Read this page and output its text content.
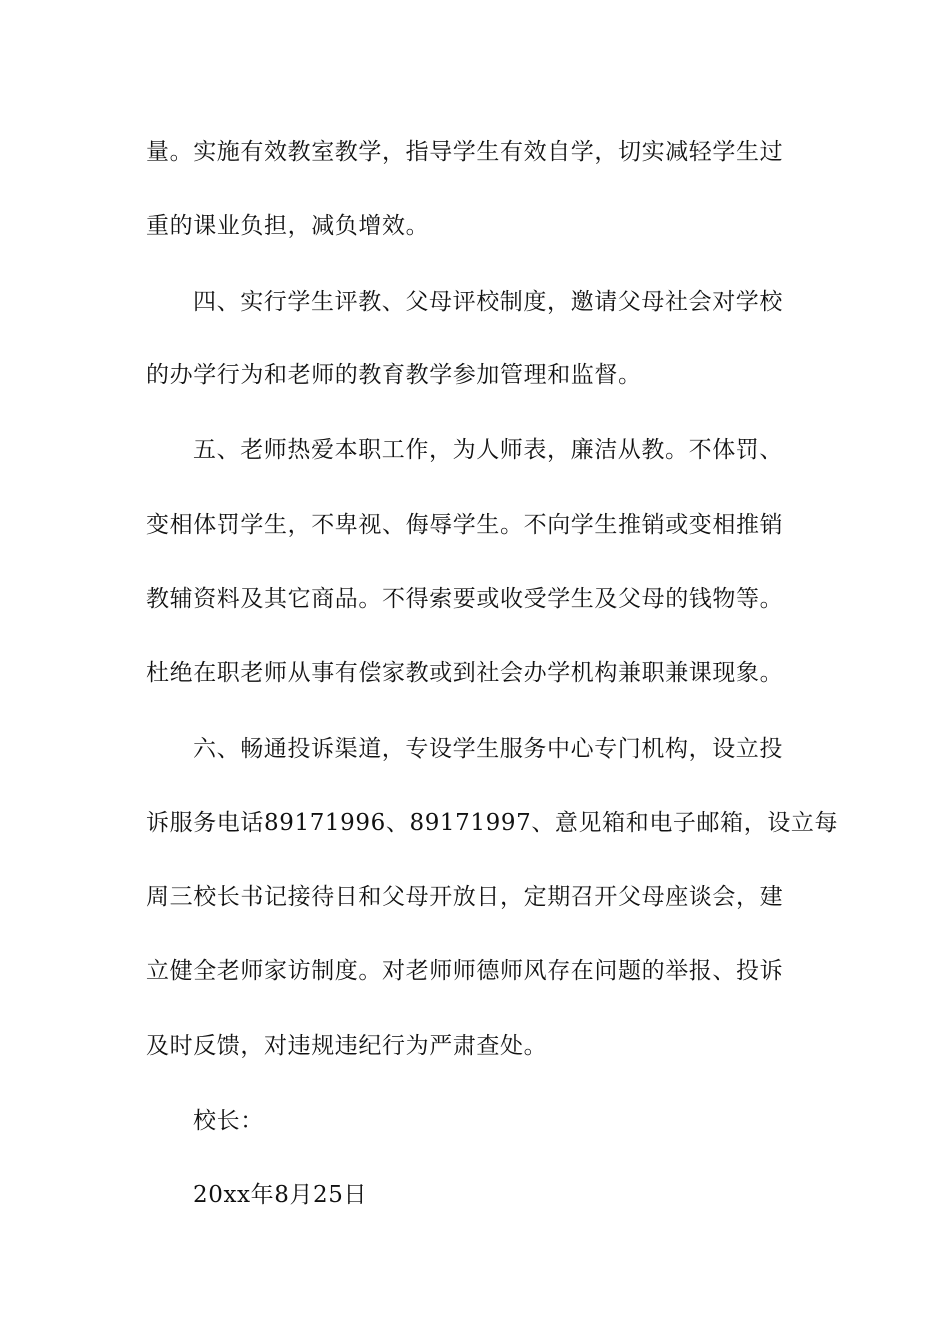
量。实施有效教室教学，指导学生有效自学，切实减轻学生过
重的课业负担，减负增效。
四、实行学生评教、父母评校制度，邀请父母社会对学校
的办学行为和老师的教育教学参加管理和监督。
五、老师热爱本职工作，为人师表，廉洁从教。不体罚、
变相体罚学生，不卑视、侮辱学生。不向学生推销或变相推销
教辅资料及其它商品。不得索要或收受学生及父母的钱物等。
杜绝在职老师从事有偿家教或到社会办学机构兼职兼课现象。
六、畅通投诉渠道，专设学生服务中心专门机构，设立投
诉服务电话89171996、89171997、意见箱和电子邮箱，设立每
周三校长书记接待日和父母开放日，定期召开父母座谈会，建
立健全老师家访制度。对老师师德师风存在问题的举报、投诉
及时反馈，对违规违纪行为严肃查处。
校长：
20xx年8月25日
